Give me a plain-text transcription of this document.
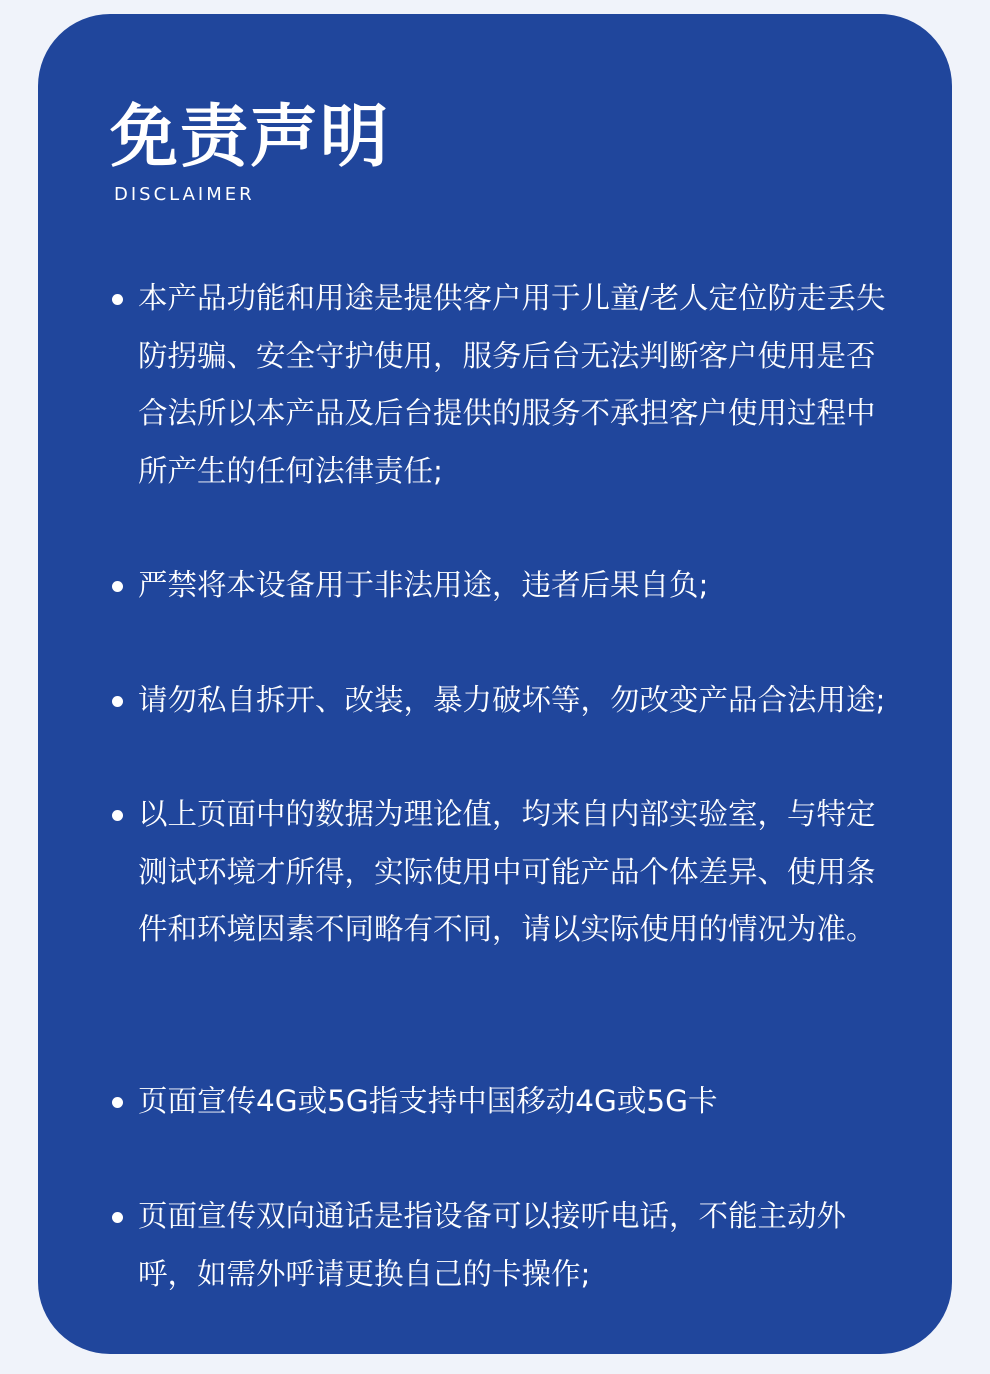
免责声明
DISCLAIMER
本产品功能和用途是提供客户用于儿童/老人定位防走丢失防拐骗、安全守护使用，服务后台无法判断客户使用是否合法所以本产品及后台提供的服务不承担客户使用过程中所产生的任何法律责任;
严禁将本设备用于非法用途，违者后果自负;
请勿私自拆开、改装，暴力破坏等，勿改变产品合法用途;
以上页面中的数据为理论值，均来自内部实验室，与特定测试环境才所得，实际使用中可能产品个体差异、使用条件和环境因素不同略有不同，请以实际使用的情况为准。
页面宣传4G或5G指支持中国移动4G或5G卡
页面宣传双向通话是指设备可以接听电话，不能主动外呼，如需外呼请更换自己的卡操作;
